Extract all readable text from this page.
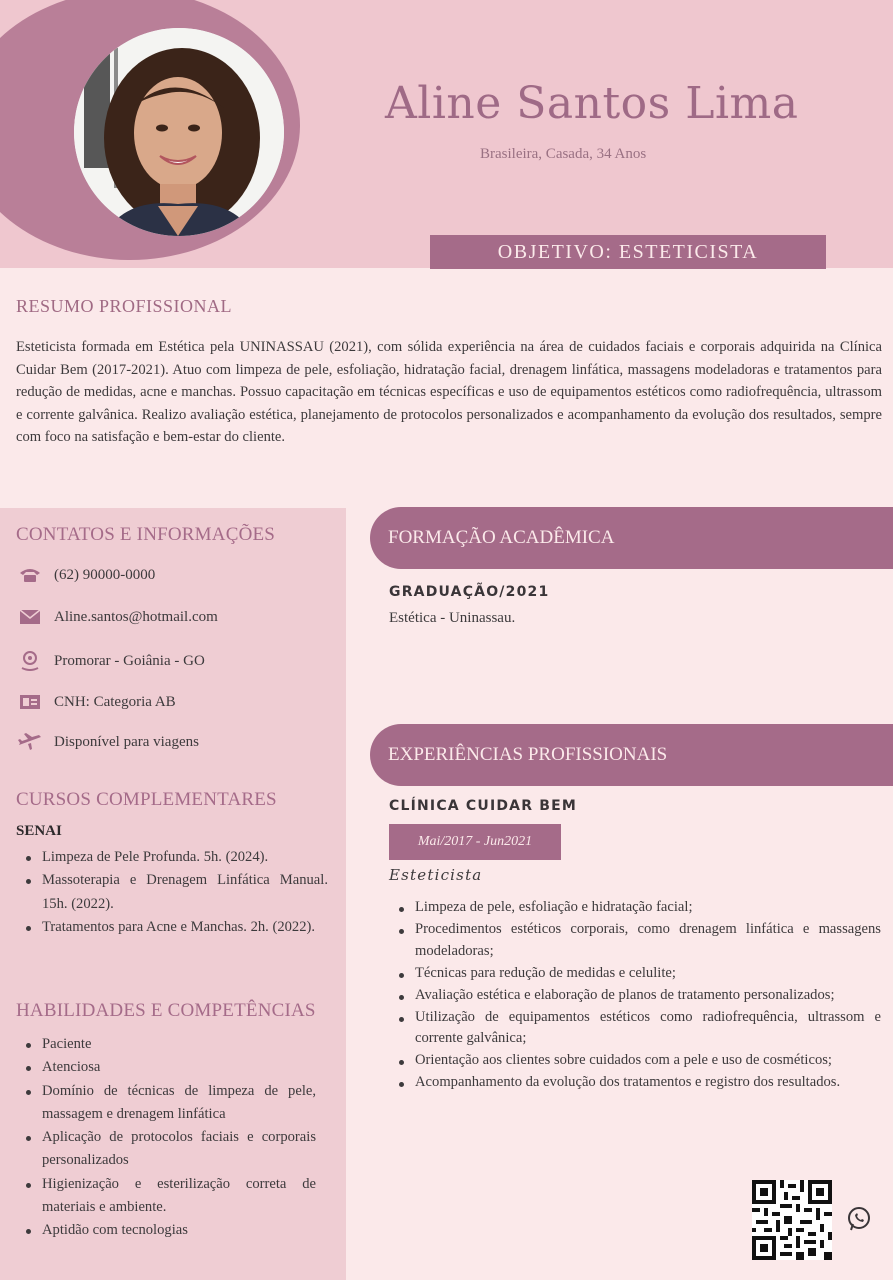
Aline Santos Lima
Brasileira, Casada, 34 Anos
OBJETIVO: ESTETICISTA
RESUMO PROFISSIONAL
Esteticista formada em Estética pela UNINASSAU (2021), com sólida experiência na área de cuidados faciais e corporais adquirida na Clínica Cuidar Bem (2017-2021). Atuo com limpeza de pele, esfoliação, hidratação facial, drenagem linfática, massagens modeladoras e tratamentos para redução de medidas, acne e manchas. Possuo capacitação em técnicas específicas e uso de equipamentos estéticos como radiofrequência, ultrassom e corrente galvânica. Realizo avaliação estética, planejamento de protocolos personalizados e acompanhamento da evolução dos resultados, sempre com foco na satisfação e bem-estar do cliente.
CONTATOS E INFORMAÇÕES
(62) 90000-0000
Aline.santos@hotmail.com
Promorar - Goiânia - GO
CNH: Categoria AB
Disponível para viagens
CURSOS COMPLEMENTARES
SENAI
Limpeza de Pele Profunda. 5h. (2024).
Massoterapia e Drenagem Linfática Manual. 15h. (2022).
Tratamentos para Acne e Manchas. 2h. (2022).
HABILIDADES E COMPETÊNCIAS
Paciente
Atenciosa
Domínio de técnicas de limpeza de pele, massagem e drenagem linfática
Aplicação de protocolos faciais e corporais personalizados
Higienização e esterilização correta de materiais e ambiente.
Aptidão com tecnologias
FORMAÇÃO ACADÊMICA
GRADUAÇÃO/2021
Estética - Uninassau.
EXPERIÊNCIAS PROFISSIONAIS
CLÍNICA CUIDAR BEM
Mai/2017 - Jun2021
Esteticista
Limpeza de pele, esfoliação e hidratação facial;
Procedimentos estéticos corporais, como drenagem linfática e massagens modeladoras;
Técnicas para redução de medidas e celulite;
Avaliação estética e elaboração de planos de tratamento personalizados;
Utilização de equipamentos estéticos como radiofrequência, ultrassom e corrente galvânica;
Orientação aos clientes sobre cuidados com a pele e uso de cosméticos;
Acompanhamento da evolução dos tratamentos e registro dos resultados.
